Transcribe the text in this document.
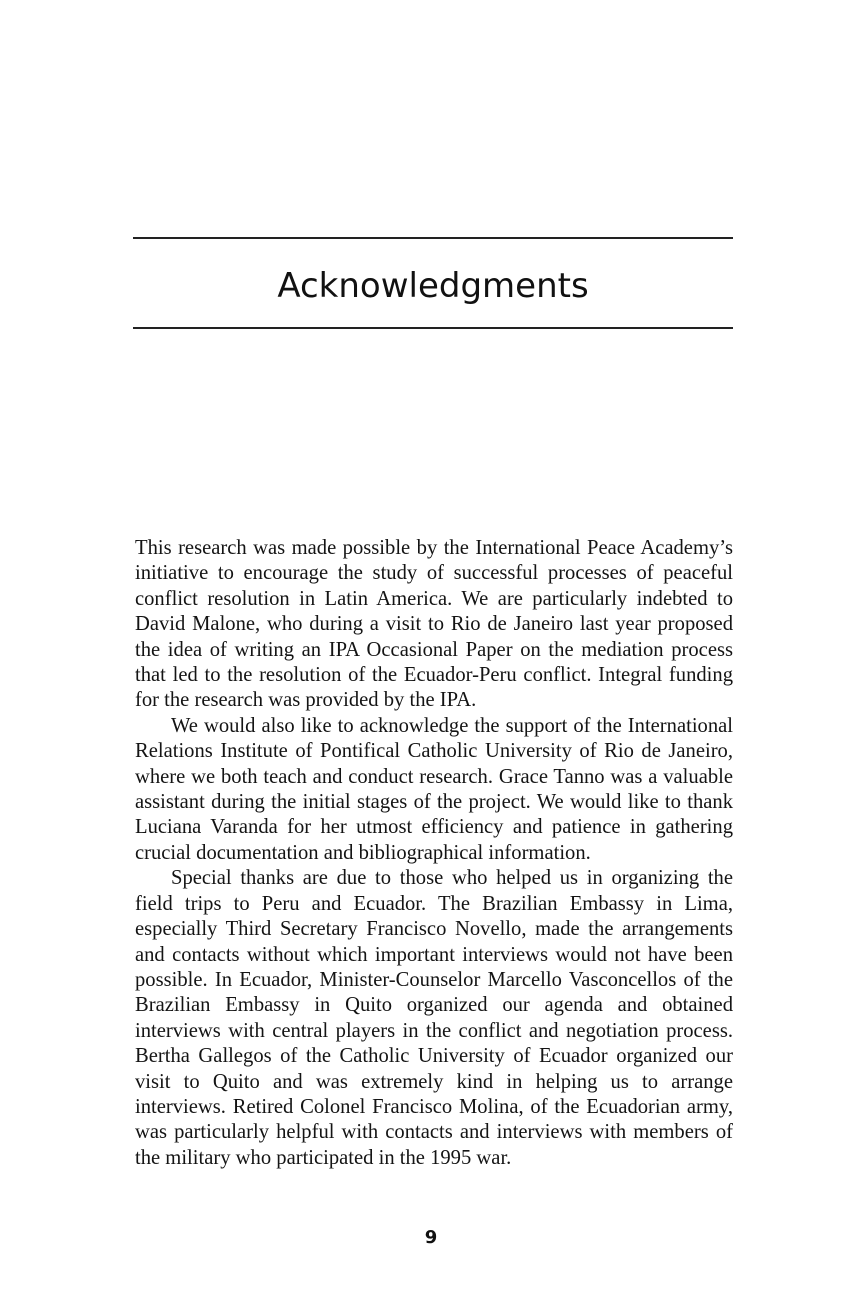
Acknowledgments

This research was made possible by the International Peace Academy’s initiative to encourage the study of successful processes of peaceful conflict resolution in Latin America. We are particularly indebted to David Malone, who during a visit to Rio de Janeiro last year proposed the idea of writing an IPA Occasional Paper on the mediation process that led to the resolution of the Ecuador-Peru conflict. Integral funding for the research was provided by the IPA.

We would also like to acknowledge the support of the International Relations Institute of Pontifical Catholic University of Rio de Janeiro, where we both teach and conduct research. Grace Tanno was a valuable assistant during the initial stages of the project. We would like to thank Luciana Varanda for her utmost efficiency and patience in gathering crucial documentation and bibliographical information.

Special thanks are due to those who helped us in organizing the field trips to Peru and Ecuador. The Brazilian Embassy in Lima, especially Third Secretary Francisco Novello, made the arrangements and contacts without which important interviews would not have been possible. In Ecuador, Minister-Counselor Marcello Vasconcellos of the Brazilian Embassy in Quito organized our agenda and obtained interviews with central players in the conflict and negotiation process. Bertha Gallegos of the Catholic University of Ecuador organized our visit to Quito and was extremely kind in helping us to arrange interviews. Retired Colonel Francisco Molina, of the Ecuadorian army, was particularly helpful with contacts and interviews with members of the military who participated in the 1995 war.

9
